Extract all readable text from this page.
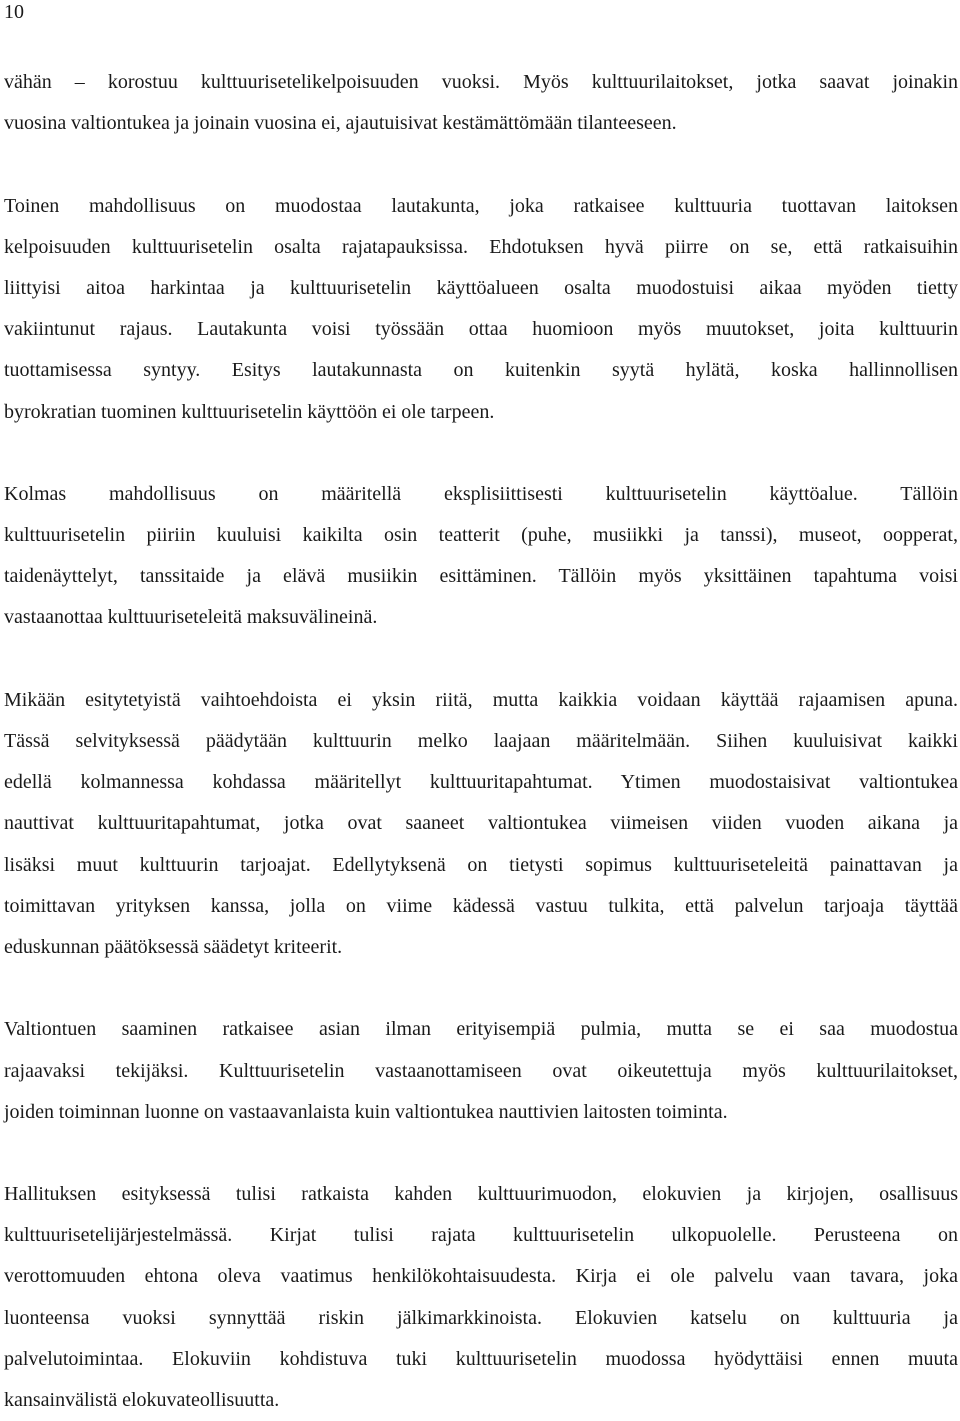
10
vähän – korostuu kulttuurisetelikelpoisuuden vuoksi. Myös kulttuurilaitokset, jotka saavat joinakin
vuosina valtiontukea ja joinain vuosina ei, ajautuisivat kestämättömään tilanteeseen.
Toinen mahdollisuus on muodostaa lautakunta, joka ratkaisee kulttuuria tuottavan laitoksen
kelpoisuuden kulttuurisetelin osalta rajatapauksissa. Ehdotuksen hyvä piirre on se, että ratkaisuihin
liittyisi aitoa harkintaa ja kulttuurisetelin käyttöalueen osalta muodostuisi aikaa myöden tietty
vakiintunut rajaus. Lautakunta voisi työssään ottaa huomioon myös muutokset, joita kulttuurin
tuottamisessa syntyy. Esitys lautakunnasta on kuitenkin syytä hylätä, koska hallinnollisen
byrokratian tuominen kulttuurisetelin käyttöön ei ole tarpeen.
Kolmas mahdollisuus on määritellä eksplisiittisesti kulttuurisetelin käyttöalue. Tällöin
kulttuurisetelin piiriin kuuluisi kaikilta osin teatterit (puhe, musiikki ja tanssi), museot, oopperat,
taidenäyttelyt, tanssitaide ja elävä musiikin esittäminen. Tällöin myös yksittäinen tapahtuma voisi
vastaanottaa kulttuuriseteleitä maksuvälineinä.
Mikään esitytetyistä vaihtoehdoista ei yksin riitä, mutta kaikkia voidaan käyttää rajaamisen apuna.
Tässä selvityksessä päädytään kulttuurin melko laajaan määritelmään. Siihen kuuluisivat kaikki
edellä kolmannessa kohdassa määritellyt kulttuuritapahtumat. Ytimen muodostaisivat valtiontukea
nauttivat kulttuuritapahtumat, jotka ovat saaneet valtiontukea viimeisen viiden vuoden aikana ja
lisäksi muut kulttuurin tarjoajat. Edellytyksenä on tietysti sopimus kulttuuriseteleitä painattavan ja
toimittavan yrityksen kanssa, jolla on viime kädessä vastuu tulkita, että palvelun tarjoaja täyttää
eduskunnan päätöksessä säädetyt kriteerit.
Valtiontuen saaminen ratkaisee asian ilman erityisempiä pulmia, mutta se ei saa muodostua
rajaavaksi tekijäksi. Kulttuurisetelin vastaanottamiseen ovat oikeutettuja myös kulttuurilaitokset,
joiden toiminnan luonne on vastaavanlaista kuin valtiontukea nauttivien laitosten toiminta.
Hallituksen esityksessä tulisi ratkaista kahden kulttuurimuodon, elokuvien ja kirjojen, osallisuus
kulttuurisetelijärjestelmässä. Kirjat tulisi rajata kulttuurisetelin ulkopuolelle. Perusteena on
verottomuuden ehtona oleva vaatimus henkilökohtaisuudesta. Kirja ei ole palvelu vaan tavara, joka
luonteensa vuoksi synnyttää riskin jälkimarkkinoista. Elokuvien katselu on kulttuuria ja
palvelutoimintaa. Elokuviin kohdistuva tuki kulttuurisetelin muodossa hyödyttäisi ennen muuta
kansainvälistä elokuvateollisuutta.
